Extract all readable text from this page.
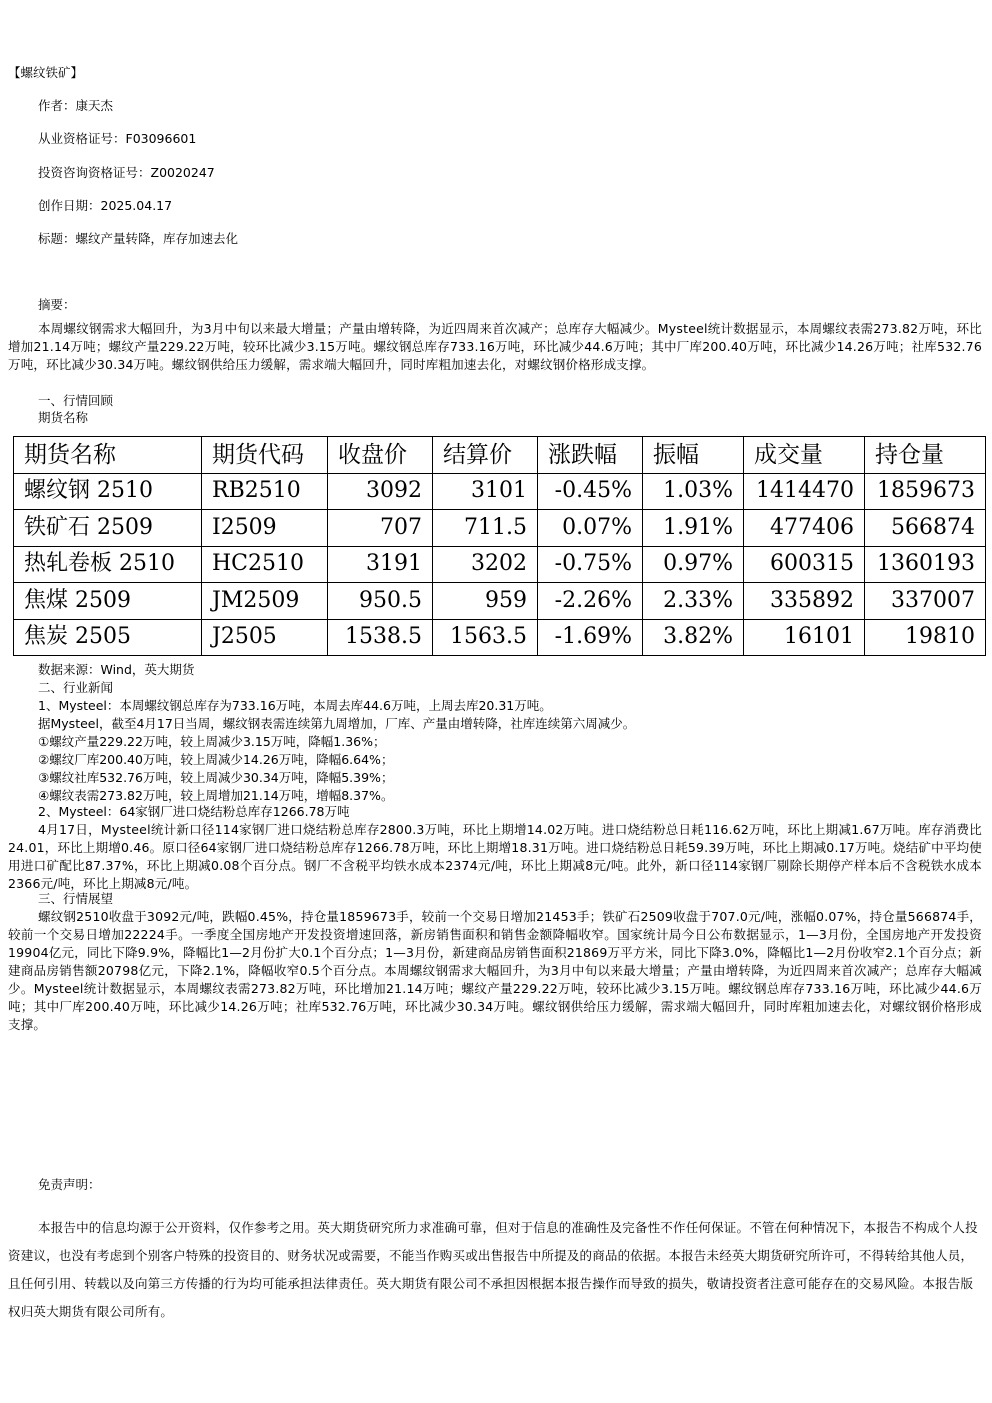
【螺纹铁矿】
作者：康天杰
从业资格证号：F03096601
投资咨询资格证号：Z0020247
创作日期：2025.04.17
标题：螺纹产量转降，库存加速去化
摘要：
本周螺纹钢需求大幅回升，为3月中旬以来最大增量；产量由增转降，为近四周来首次减产；总库存大幅减少。Mysteel统计数据显示，本周螺纹表需273.82万吨，环比增加21.14万吨；螺纹产量229.22万吨，较环比减少3.15万吨。螺纹钢总库存733.16万吨，环比减少44.6万吨；其中厂库200.40万吨，环比减少14.26万吨；社库532.76万吨，环比减少30.34万吨。螺纹钢供给压力缓解，需求端大幅回升，同时库粗加速去化，对螺纹钢价格形成支撑。
一、行情回顾
期货名称
期货名称	期货代码	收盘价	结算价	涨跌幅	振幅	成交量	持仓量
螺纹钢 2510	RB2510	3092	3101	-0.45%	1.03%	1414470	1859673
铁矿石 2509	I2509	707	711.5	0.07%	1.91%	477406	566874
热轧卷板 2510	HC2510	3191	3202	-0.75%	0.97%	600315	1360193
焦煤 2509	JM2509	950.5	959	-2.26%	2.33%	335892	337007
焦炭 2505	J2505	1538.5	1563.5	-1.69%	3.82%	16101	19810
数据来源：Wind，英大期货
二、行业新闻
1、Mysteel：本周螺纹钢总库存为733.16万吨，本周去库44.6万吨，上周去库20.31万吨。
据Mysteel，截至4月17日当周，螺纹钢表需连续第九周增加，厂库、产量由增转降，社库连续第六周减少。
①螺纹产量229.22万吨，较上周减少3.15万吨，降幅1.36%；
②螺纹厂库200.40万吨，较上周减少14.26万吨，降幅6.64%；
③螺纹社库532.76万吨，较上周减少30.34万吨，降幅5.39%；
④螺纹表需273.82万吨，较上周增加21.14万吨，增幅8.37%。
2、Mysteel：64家钢厂进口烧结粉总库存1266.78万吨
4月17日，Mysteel统计新口径114家钢厂进口烧结粉总库存2800.3万吨，环比上期增14.02万吨。进口烧结粉总日耗116.62万吨，环比上期减1.67万吨。库存消费比24.01，环比上期增0.46。原口径64家钢厂进口烧结粉总库存1266.78万吨，环比上期增18.31万吨。进口烧结粉总日耗59.39万吨，环比上期减0.17万吨。烧结矿中平均使用进口矿配比87.37%，环比上期减0.08个百分点。钢厂不含税平均铁水成本2374元/吨，环比上期减8元/吨。此外，新口径114家钢厂剔除长期停产样本后不含税铁水成本2366元/吨，环比上期减8元/吨。
三、行情展望
螺纹钢2510收盘于3092元/吨，跌幅0.45%，持仓量1859673手，较前一个交易日增加21453手；铁矿石2509收盘于707.0元/吨，涨幅0.07%，持仓量566874手，较前一个交易日增加22224手。一季度全国房地产开发投资增速回落，新房销售面积和销售金额降幅收窄。国家统计局今日公布数据显示，1—3月份，全国房地产开发投资19904亿元，同比下降9.9%，降幅比1—2月份扩大0.1个百分点；1—3月份，新建商品房销售面积21869万平方米，同比下降3.0%，降幅比1—2月份收窄2.1个百分点；新建商品房销售额20798亿元，下降2.1%，降幅收窄0.5个百分点。本周螺纹钢需求大幅回升，为3月中旬以来最大增量；产量由增转降，为近四周来首次减产；总库存大幅减少。Mysteel统计数据显示，本周螺纹表需273.82万吨，环比增加21.14万吨；螺纹产量229.22万吨，较环比减少3.15万吨。螺纹钢总库存733.16万吨，环比减少44.6万吨；其中厂库200.40万吨，环比减少14.26万吨；社库532.76万吨，环比减少30.34万吨。螺纹钢供给压力缓解，需求端大幅回升，同时库粗加速去化，对螺纹钢价格形成支撑。
免责声明：
本报告中的信息均源于公开资料，仅作参考之用。英大期货研究所力求准确可靠，但对于信息的准确性及完备性不作任何保证。不管在何种情况下，本报告不构成个人投资建议，也没有考虑到个别客户特殊的投资目的、财务状况或需要，不能当作购买或出售报告中所提及的商品的依据。本报告未经英大期货研究所许可，不得转给其他人员，且任何引用、转载以及向第三方传播的行为均可能承担法律责任。英大期货有限公司不承担因根据本报告操作而导致的损失，敬请投资者注意可能存在的交易风险。本报告版权归英大期货有限公司所有。
